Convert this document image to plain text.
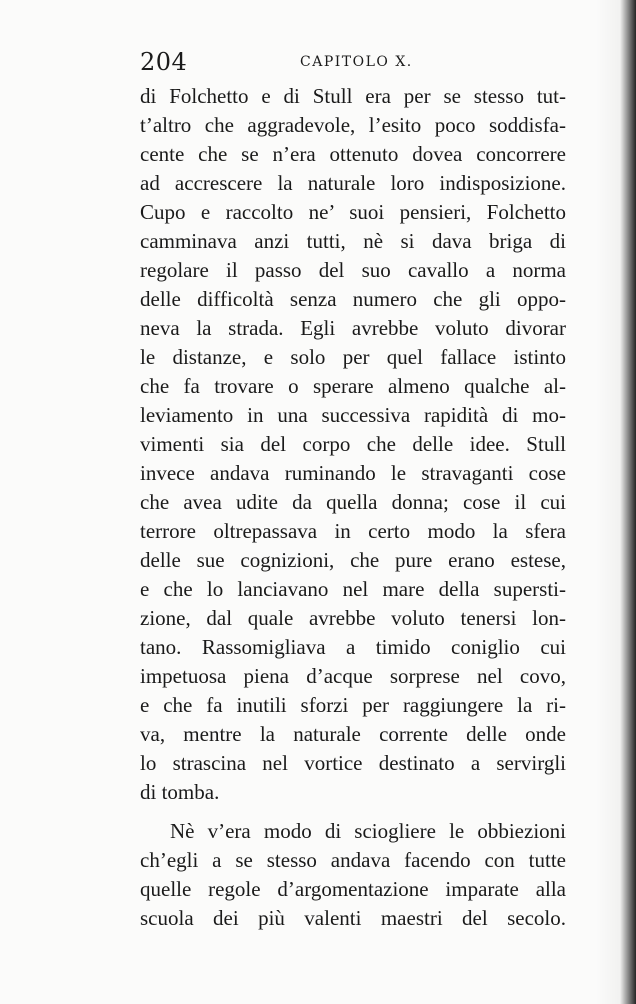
204	CAPITOLO X.
di Folchetto e di Stull era per se stesso tut-
t’altro che aggradevole, l’esito poco soddisfa-
cente che se n’era ottenuto dovea concorrere
ad accrescere la naturale loro indisposizione.
Cupo e raccolto ne’ suoi pensieri, Folchetto
camminava anzi tutti, nè si dava briga di
regolare il passo del suo cavallo a norma
delle difficoltà senza numero che gli oppo-
neva la strada. Egli avrebbe voluto divorar
le distanze, e solo per quel fallace istinto
che fa trovare o sperare almeno qualche al-
leviamento in una successiva rapidità di mo-
vimenti sia del corpo che delle idee. Stull
invece andava ruminando le stravaganti cose
che avea udite da quella donna; cose il cui
terrore oltrepassava in certo modo la sfera
delle sue cognizioni, che pure erano estese,
e che lo lanciavano nel mare della supersti-
zione, dal quale avrebbe voluto tenersi lon-
tano. Rassomigliava a timido coniglio cui
impetuosa piena d’acque sorprese nel covo,
e che fa inutili sforzi per raggiungere la ri-
va, mentre la naturale corrente delle onde
lo strascina nel vortice destinato a servirgli
di tomba.
Nè v’era modo di sciogliere le obbiezioni
ch’egli a se stesso andava facendo con tutte
quelle regole d’argomentazione imparate alla
scuola dei più valenti maestri del secolo.
